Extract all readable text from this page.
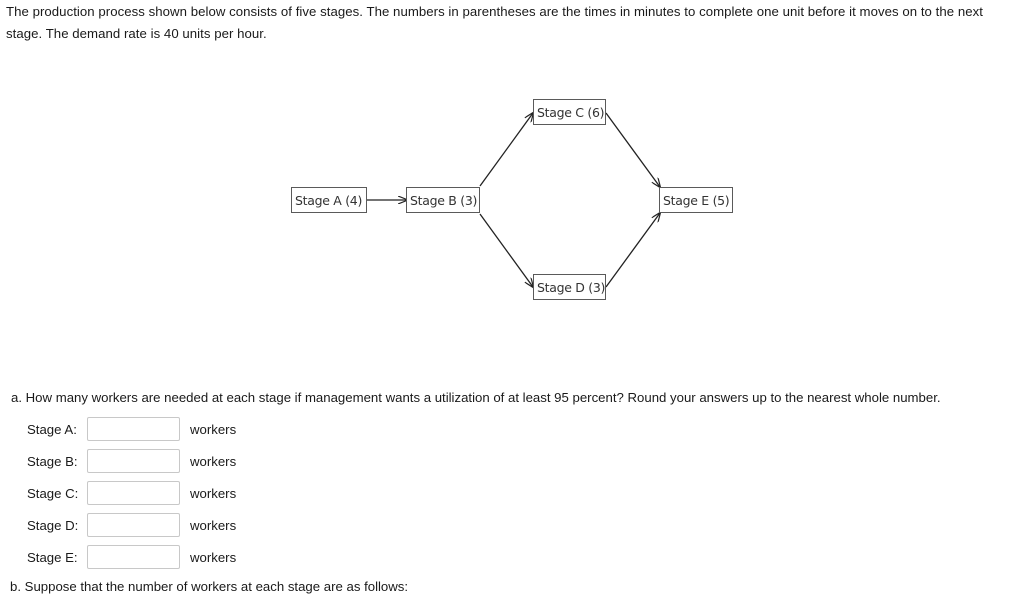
The production process shown below consists of five stages. The numbers in parentheses are the times in minutes to complete one unit before it moves on to the next stage. The demand rate is 40 units per hour.
Stage A (4)	Stage B (3)
Stage C (6)
Stage D (3)
Stage E (5)
a. How many workers are needed at each stage if management wants a utilization of at least 95 percent? Round your answers up to the nearest whole number.
Stage A:	workers
Stage B:	workers
Stage C:	workers
Stage D:	workers
Stage E:	workers
b. Suppose that the number of workers at each stage are as follows:
